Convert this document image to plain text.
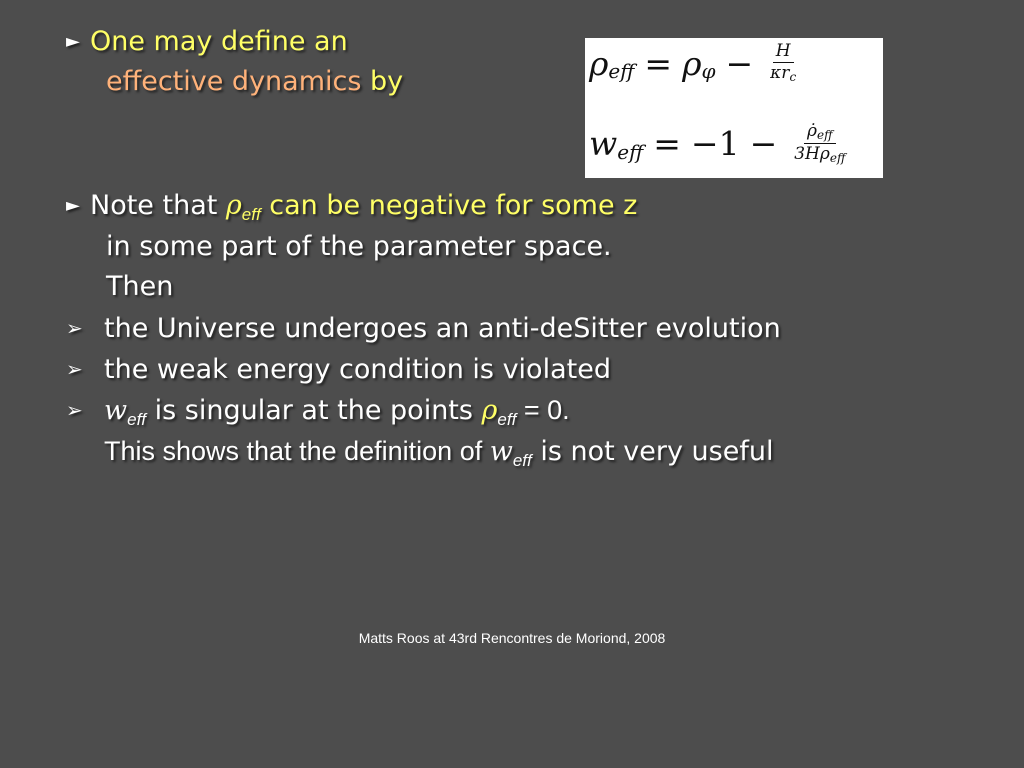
► One may define an
effective dynamics by	ρ eff = ρ $\varphi - \frac{H}{\text{κrc}}$
w eff = $-1 - \frac{\text{ρ̇eff}}{\text{3Hρeff}}$
► Note that $\rho_{eff}$ can be negative for some z
in some part of the parameter space.
Then
➢ the Universe undergoes an anti-deSitter evolution
➢ the weak energy condition is violated
➢ $w_{eff}$ is singular at the points $\rho_{eff} = 0$.
This shows that the definition of $w_{eff}$ is not very useful
Matts Roos at 43rd Rencontres de Moriond, 2008
